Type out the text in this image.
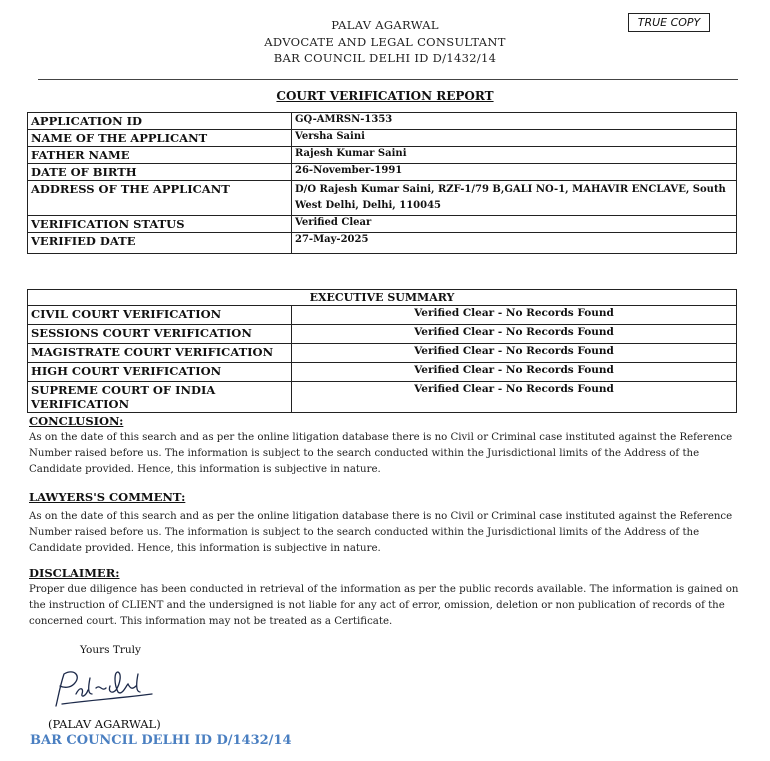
PALAV AGARWAL
ADVOCATE AND LEGAL CONSULTANT
BAR COUNCIL DELHI ID D/1432/14
TRUE COPY
COURT VERIFICATION REPORT
APPLICATION ID	GQ-AMRSN-1353
NAME OF THE APPLICANT	Versha Saini
FATHER NAME	Rajesh Kumar Saini
DATE OF BIRTH	26-November-1991
ADDRESS OF THE APPLICANT	D/O Rajesh Kumar Saini, RZF-1/79 B,GALI NO-1, MAHAVIR ENCLAVE, South West Delhi, Delhi, 110045
VERIFICATION STATUS	Verified Clear
VERIFIED DATE	27-May-2025
EXECUTIVE SUMMARY	
CIVIL COURT VERIFICATION	Verified Clear - No Records Found
SESSIONS COURT VERIFICATION	Verified Clear - No Records Found
MAGISTRATE COURT VERIFICATION	Verified Clear - No Records Found
HIGH COURT VERIFICATION	Verified Clear - No Records Found
SUPREME COURT OF INDIA VERIFICATION	Verified Clear - No Records Found
CONCLUSION:
As on the date of this search and as per the online litigation database there is no Civil or Criminal case instituted against the Reference Number raised before us. The information is subject to the search conducted within the Jurisdictional limits of the Address of the Candidate provided. Hence, this information is subjective in nature.
LAWYERS'S COMMENT:
As on the date of this search and as per the online litigation database there is no Civil or Criminal case instituted against the Reference Number raised before us. The information is subject to the search conducted within the Jurisdictional limits of the Address of the Candidate provided. Hence, this information is subjective in nature.
DISCLAIMER:
Proper due diligence has been conducted in retrieval of the information as per the public records available. The information is gained on the instruction of CLIENT and the undersigned is not liable for any act of error, omission, deletion or non publication of records of the concerned court. This information may not be treated as a Certificate.
Yours Truly
(PALAV AGARWAL)
BAR COUNCIL DELHI ID D/1432/14
